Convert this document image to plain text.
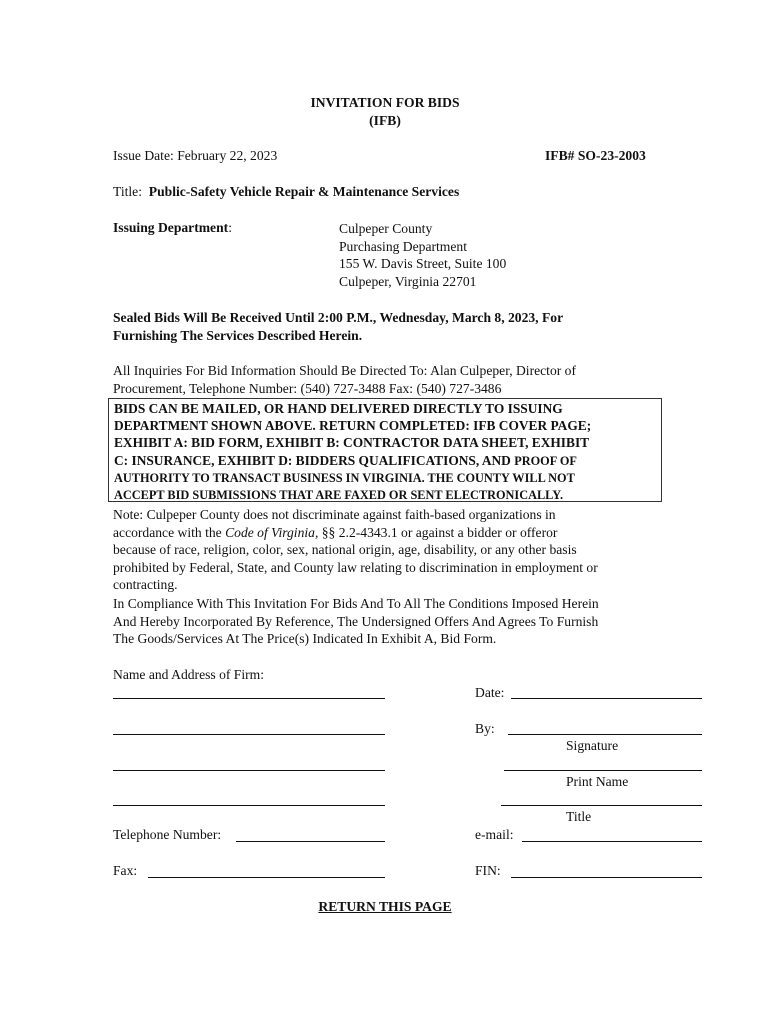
INVITATION FOR BIDS
(IFB)
Issue Date: February 22, 2023	IFB# SO-23-2003
Title: Public-Safety Vehicle Repair & Maintenance Services
Issuing Department:	Culpeper County
Purchasing Department
155 W. Davis Street, Suite 100
Culpeper, Virginia 22701
Sealed Bids Will Be Received Until 2:00 P.M., Wednesday, March 8, 2023, For
Furnishing The Services Described Herein.
All Inquiries For Bid Information Should Be Directed To: Alan Culpeper, Director of
Procurement, Telephone Number: (540) 727-3488 Fax: (540) 727-3486
BIDS CAN BE MAILED, OR HAND DELIVERED DIRECTLY TO ISSUING
DEPARTMENT SHOWN ABOVE. RETURN COMPLETED: IFB COVER PAGE;
EXHIBIT A: BID FORM, EXHIBIT B: CONTRACTOR DATA SHEET, EXHIBIT
C: INSURANCE, EXHIBIT D: BIDDERS QUALIFICATIONS, AND PROOF OF
AUTHORITY TO TRANSACT BUSINESS IN VIRGINIA. THE COUNTY WILL NOT
ACCEPT BID SUBMISSIONS THAT ARE FAXED OR SENT ELECTRONICALLY.
Note: Culpeper County does not discriminate against faith-based organizations in
accordance with the Code of Virginia, §§ 2.2-4343.1 or against a bidder or offeror
because of race, religion, color, sex, national origin, age, disability, or any other basis
prohibited by Federal, State, and County law relating to discrimination in employment or
contracting.
In Compliance With This Invitation For Bids And To All The Conditions Imposed Herein
And Hereby Incorporated By Reference, The Undersigned Offers And Agrees To Furnish
The Goods/Services At The Price(s) Indicated In Exhibit A, Bid Form.
Name and Address of Firm:
Telephone Number:
Fax:
Date:
By:
Signature
Print Name
Title
e-mail:
FIN:
RETURN THIS PAGE
